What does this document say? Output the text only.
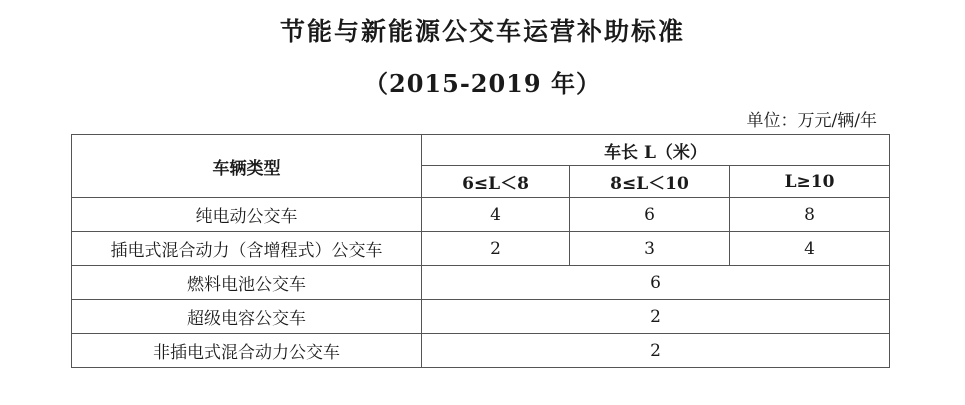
节能与新能源公交车运营补助标准
（2015-2019 年）
单位：万元/辆/年
车辆类型	车长 L（米）		
	6≤L＜8	8≤L＜10	L≥10
纯电动公交车	4	6	8
插电式混合动力（含增程式）公交车	2	3	4
燃料电池公交车	6		
超级电容公交车	2		
非插电式混合动力公交车	2		
